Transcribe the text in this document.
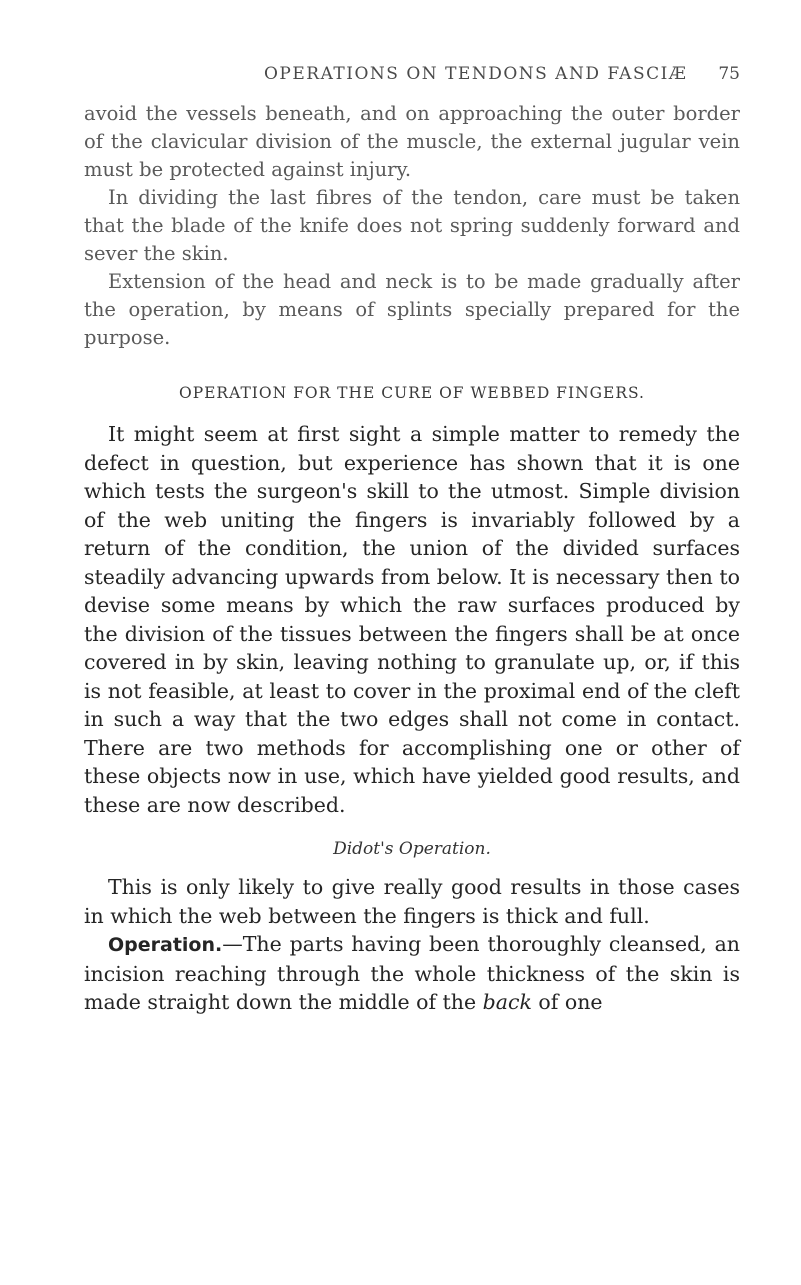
OPERATIONS ON TENDONS AND FASCIÆ	75

avoid the vessels beneath, and on approaching the outer border of the clavicular division of the muscle, the external jugular vein must be protected against injury.

In dividing the last fibres of the tendon, care must be taken that the blade of the knife does not spring suddenly forward and sever the skin.

Extension of the head and neck is to be made gradually after the operation, by means of splints specially prepared for the purpose.

OPERATION FOR THE CURE OF WEBBED FINGERS.

It might seem at first sight a simple matter to remedy the defect in question, but experience has shown that it is one which tests the surgeon's skill to the utmost. Simple division of the web uniting the fingers is invariably followed by a return of the condition, the union of the divided surfaces steadily advancing upwards from below. It is necessary then to devise some means by which the raw surfaces produced by the division of the tissues between the fingers shall be at once covered in by skin, leaving nothing to granulate up, or, if this is not feasible, at least to cover in the proximal end of the cleft in such a way that the two edges shall not come in contact. There are two methods for accomplishing one or other of these objects now in use, which have yielded good results, and these are now described.

Didot's Operation.

This is only likely to give really good results in those cases in which the web between the fingers is thick and full.

Operation.—The parts having been thoroughly cleansed, an incision reaching through the whole thickness of the skin is made straight down the middle of the back of one
